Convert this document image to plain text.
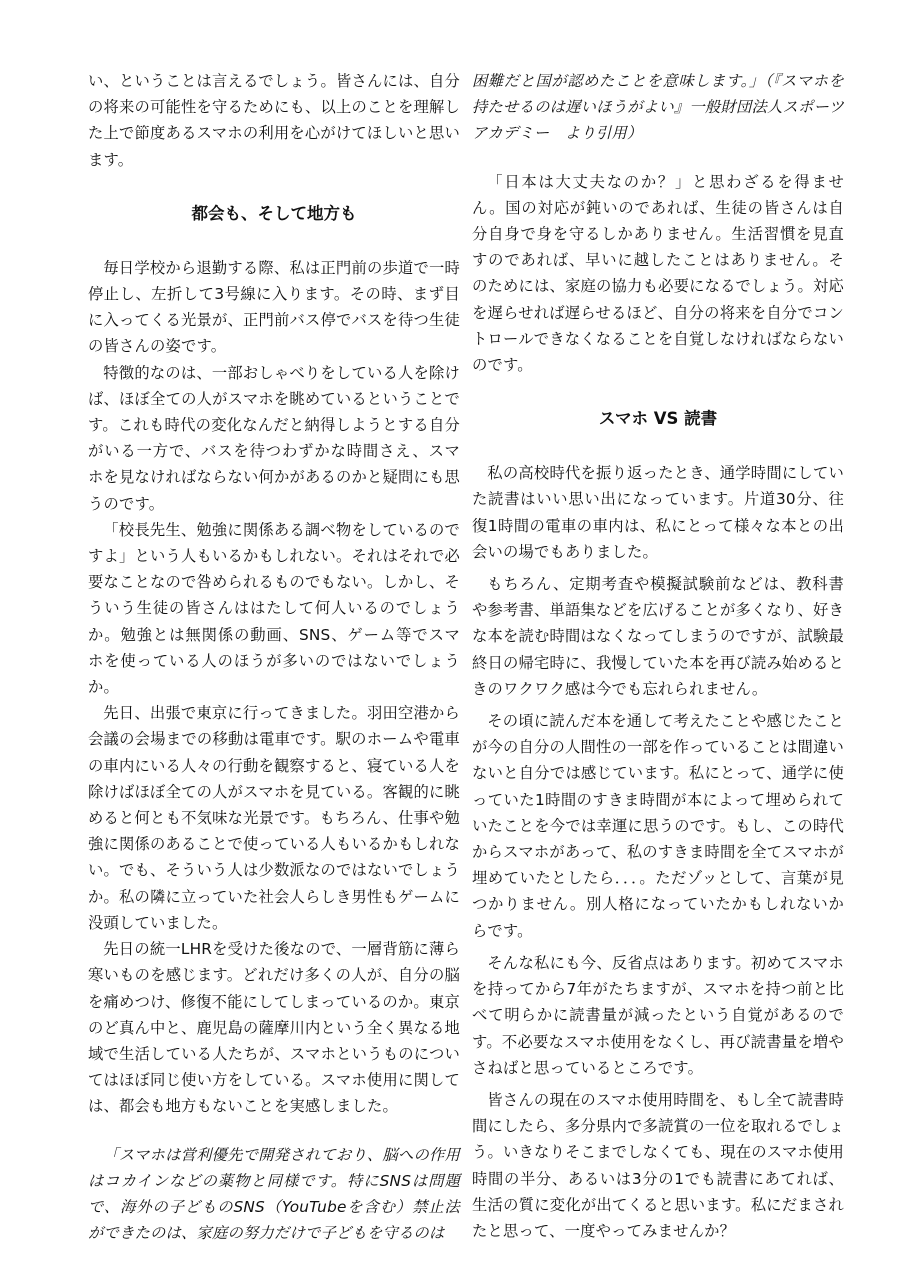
い、ということは言えるでしょう。皆さんには、自分の将来の可能性を守るためにも、以上のことを理解した上で節度あるスマホの利用を心がけてほしいと思います。

都会も、そして地方も

毎日学校から退勤する際、私は正門前の歩道で一時停止し、左折して3号線に入ります。その時、まず目に入ってくる光景が、正門前バス停でバスを待つ生徒の皆さんの姿です。

特徴的なのは、一部おしゃべりをしている人を除けば、ほぼ全ての人がスマホを眺めているということです。これも時代の変化なんだと納得しようとする自分がいる一方で、バスを待つわずかな時間さえ、スマホを見なければならない何かがあるのかと疑問にも思うのです。

「校長先生、勉強に関係ある調べ物をしているのですよ」という人もいるかもしれない。それはそれで必要なことなので咎められるものでもない。しかし、そういう生徒の皆さんははたして何人いるのでしょうか。勉強とは無関係の動画、SNS、ゲーム等でスマホを使っている人のほうが多いのではないでしょうか。

先日、出張で東京に行ってきました。羽田空港から会議の会場までの移動は電車です。駅のホームや電車の車内にいる人々の行動を観察すると、寝ている人を除けばほぼ全ての人がスマホを見ている。客観的に眺めると何とも不気味な光景です。もちろん、仕事や勉強に関係のあることで使っている人もいるかもしれない。でも、そういう人は少数派なのではないでしょうか。私の隣に立っていた社会人らしき男性もゲームに没頭していました。

先日の統一LHRを受けた後なので、一層背筋に薄ら寒いものを感じます。どれだけ多くの人が、自分の脳を痛めつけ、修復不能にしてしまっているのか。東京のど真ん中と、鹿児島の薩摩川内という全く異なる地域で生活している人たちが、スマホというものについてはほぼ同じ使い方をしている。スマホ使用に関しては、都会も地方もないことを実感しました。

「スマホは営利優先で開発されており、脳への作用はコカインなどの薬物と同様です。特にSNSは問題で、海外の子どものSNS（YouTubeを含む）禁止法ができたのは、家庭の努力だけで子どもを守るのは

困難だと国が認めたことを意味します。」（『スマホを持たせるのは遅いほうがよい』一般財団法人スポーツアカデミー　より引用）

「日本は大丈夫なのか？」と思わざるを得ません。国の対応が鈍いのであれば、生徒の皆さんは自分自身で身を守るしかありません。生活習慣を見直すのであれば、早いに越したことはありません。そのためには、家庭の協力も必要になるでしょう。対応を遅らせれば遅らせるほど、自分の将来を自分でコントロールできなくなることを自覚しなければならないのです。

スマホ VS 読書

私の高校時代を振り返ったとき、通学時間にしていた読書はいい思い出になっています。片道30分、往復1時間の電車の車内は、私にとって様々な本との出会いの場でもありました。

もちろん、定期考査や模擬試験前などは、教科書や参考書、単語集などを広げることが多くなり、好きな本を読む時間はなくなってしまうのですが、試験最終日の帰宅時に、我慢していた本を再び読み始めるときのワクワク感は今でも忘れられません。

その頃に読んだ本を通して考えたことや感じたことが今の自分の人間性の一部を作っていることは間違いないと自分では感じています。私にとって、通学に使っていた1時間のすきま時間が本によって埋められていたことを今では幸運に思うのです。もし、この時代からスマホがあって、私のすきま時間を全てスマホが埋めていたとしたら．．．。ただゾッとして、言葉が見つかりません。別人格になっていたかもしれないからです。

そんな私にも今、反省点はあります。初めてスマホを持ってから7年がたちますが、スマホを持つ前と比べて明らかに読書量が減ったという自覚があるのです。不必要なスマホ使用をなくし、再び読書量を増やさねばと思っているところです。

皆さんの現在のスマホ使用時間を、もし全て読書時間にしたら、多分県内で多読賞の一位を取れるでしょう。いきなりそこまでしなくても、現在のスマホ使用時間の半分、あるいは3分の1でも読書にあてれば、生活の質に変化が出てくると思います。私にだまされたと思って、一度やってみませんか？
